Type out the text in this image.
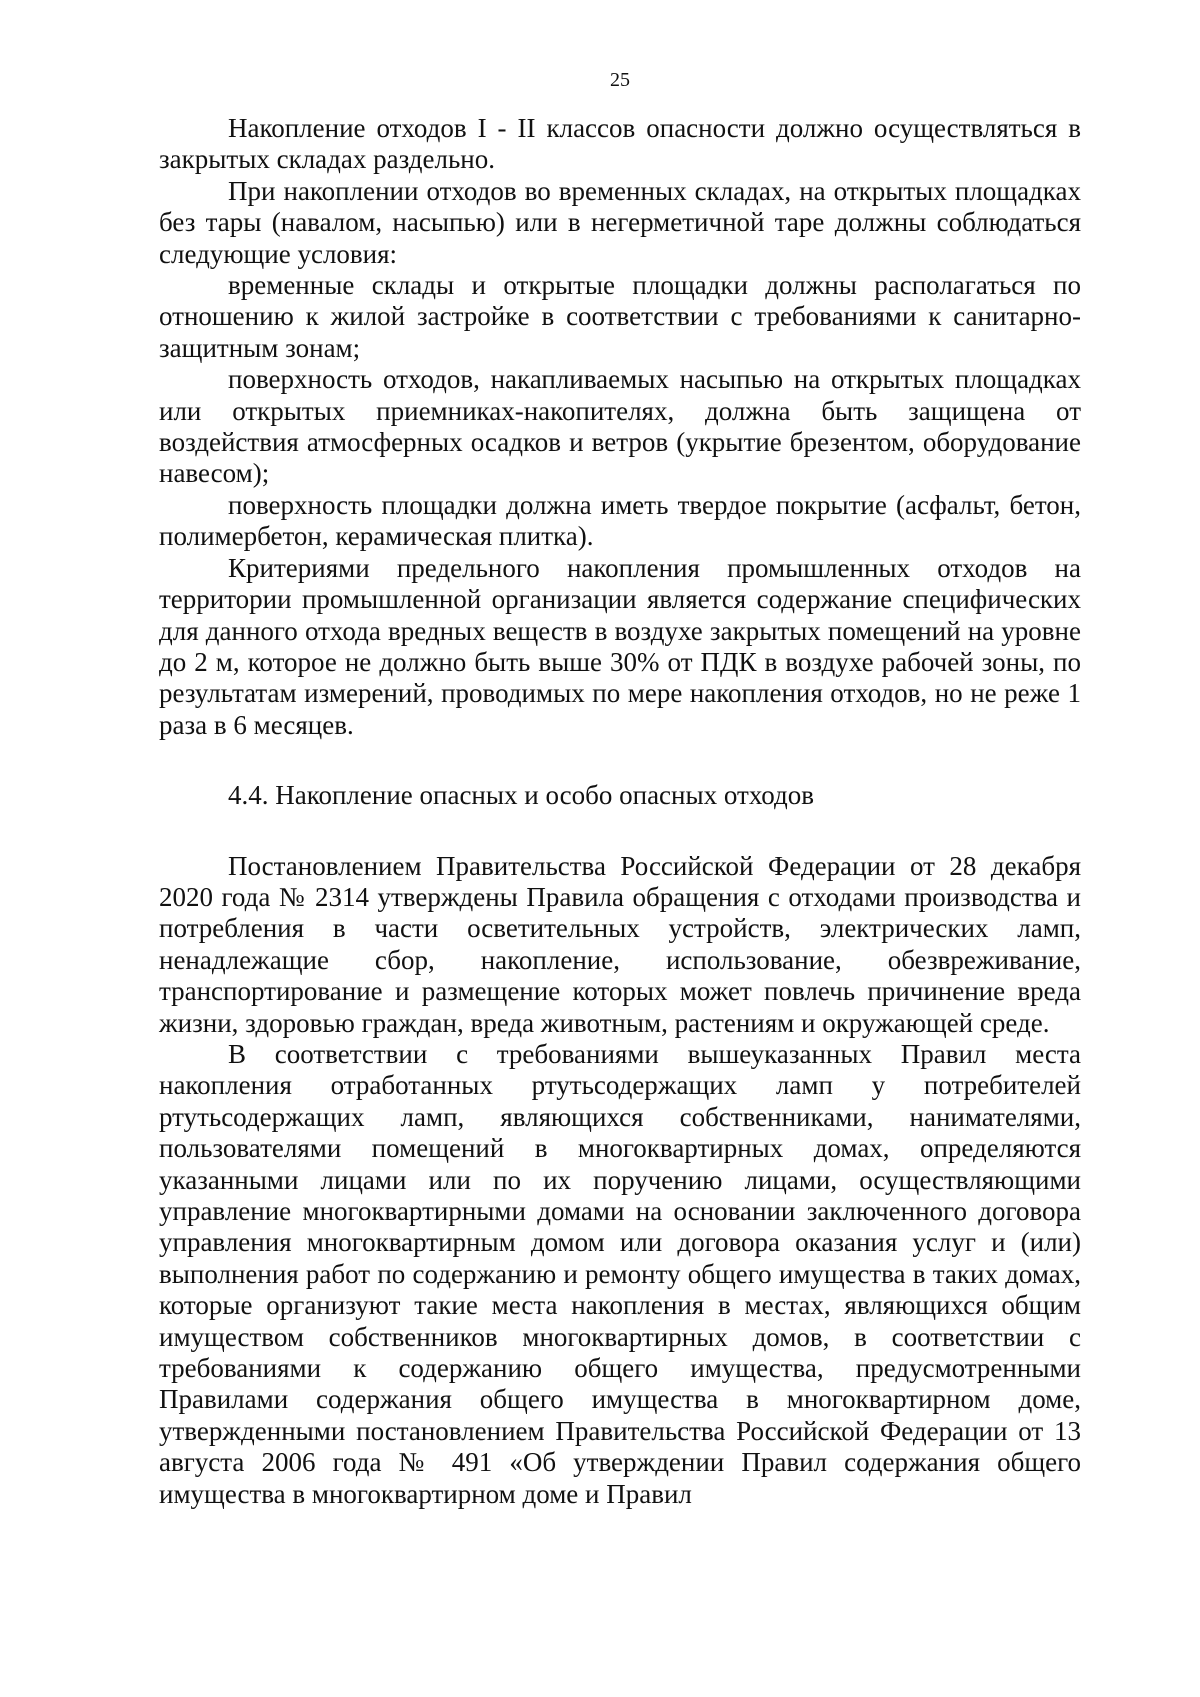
25

Накопление отходов I - II классов опасности должно осуществляться в закрытых складах раздельно.

При накоплении отходов во временных складах, на открытых площадках без тары (навалом, насыпью) или в негерметичной таре должны соблюдаться следующие условия:

временные склады и открытые площадки должны располагаться по отношению к жилой застройке в соответствии с требованиями к санитарно-защитным зонам;

поверхность отходов, накапливаемых насыпью на открытых площадках или открытых приемниках-накопителях, должна быть защищена от воздействия атмосферных осадков и ветров (укрытие брезентом, оборудование навесом);

поверхность площадки должна иметь твердое покрытие (асфальт, бетон, полимербетон, керамическая плитка).

Критериями предельного накопления промышленных отходов на территории промышленной организации является содержание специфических для данного отхода вредных веществ в воздухе закрытых помещений на уровне до 2 м, которое не должно быть выше 30% от ПДК в воздухе рабочей зоны, по результатам измерений, проводимых по мере накопления отходов, но не реже 1 раза в 6 месяцев.

4.4. Накопление опасных и особо опасных отходов

Постановлением Правительства Российской Федерации от 28 декабря 2020 года № 2314 утверждены Правила обращения с отходами производства и потребления в части осветительных устройств, электрических ламп, ненадлежащие сбор, накопление, использование, обезвреживание, транспортирование и размещение которых может повлечь причинение вреда жизни, здоровью граждан, вреда животным, растениям и окружающей среде.

В соответствии с требованиями вышеуказанных Правил места накопления отработанных ртутьсодержащих ламп у потребителей ртутьсодержащих ламп, являющихся собственниками, нанимателями, пользователями помещений в многоквартирных домах, определяются указанными лицами или по их поручению лицами, осуществляющими управление многоквартирными домами на основании заключенного договора управления многоквартирным домом или договора оказания услуг и (или) выполнения работ по содержанию и ремонту общего имущества в таких домах, которые организуют такие места накопления в местах, являющихся общим имуществом собственников многоквартирных домов, в соответствии с требованиями к содержанию общего имущества, предусмотренными Правилами содержания общего имущества в многоквартирном доме, утвержденными постановлением Правительства Российской Федерации от 13 августа 2006 года № 491 «Об утверждении Правил содержания общего имущества в многоквартирном доме и Правил
